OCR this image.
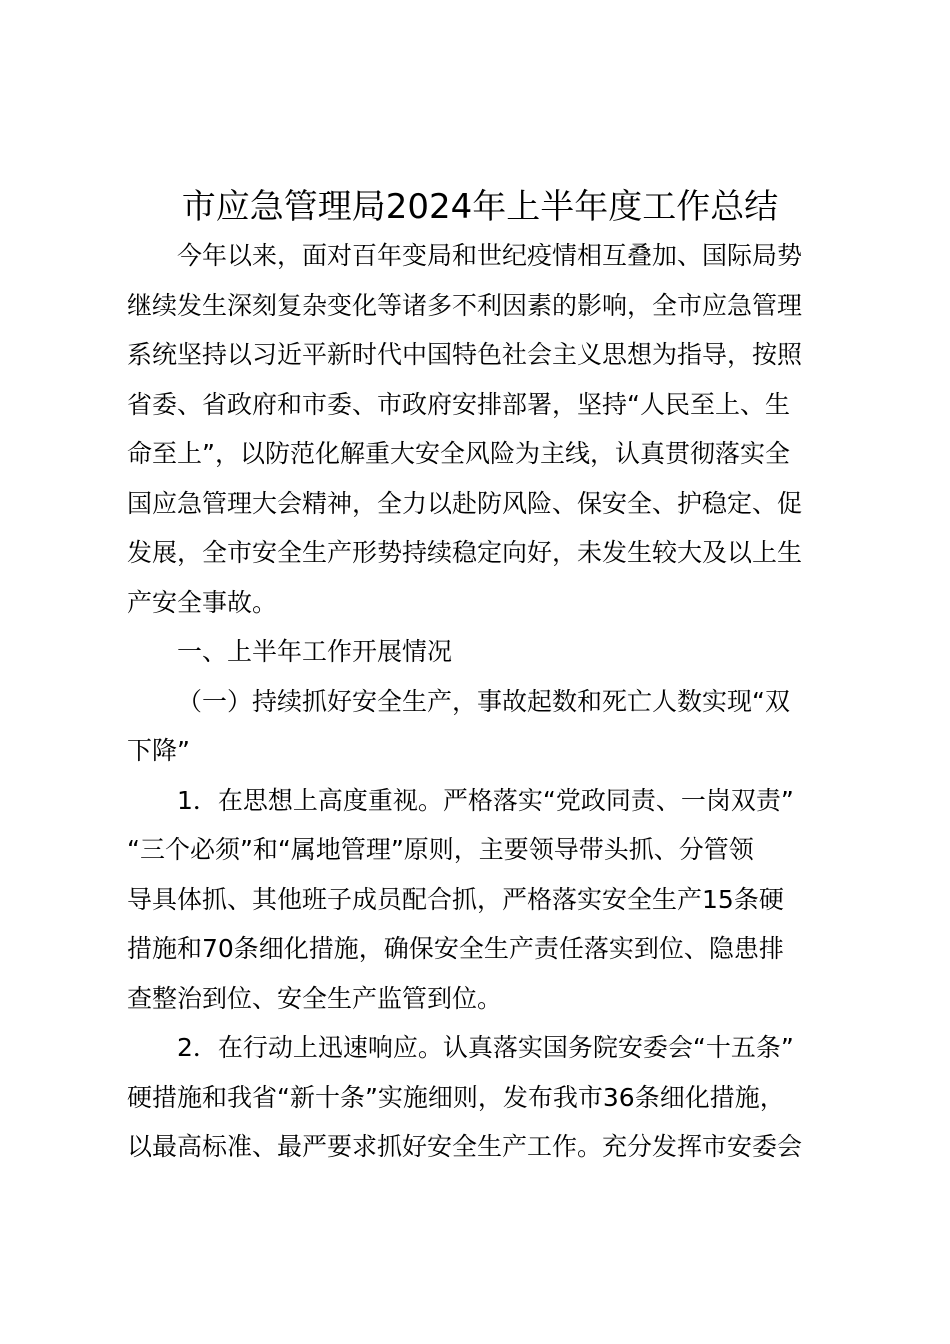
市应急管理局2024年上半年度工作总结
今年以来，面对百年变局和世纪疫情相互叠加、国际局势
继续发生深刻复杂变化等诸多不利因素的影响，全市应急管理
系统坚持以习近平新时代中国特色社会主义思想为指导，按照
省委、省政府和市委、市政府安排部署，坚持“人民至上、生
命至上”，以防范化解重大安全风险为主线，认真贯彻落实全
国应急管理大会精神，全力以赴防风险、保安全、护稳定、促
发展，全市安全生产形势持续稳定向好，未发生较大及以上生
产安全事故。
一、上半年工作开展情况
（一）持续抓好安全生产，事故起数和死亡人数实现“双
下降”
1．在思想上高度重视。严格落实“党政同责、一岗双责”
“三个必须”和“属地管理”原则，主要领导带头抓、分管领
导具体抓、其他班子成员配合抓，严格落实安全生产15条硬
措施和70条细化措施，确保安全生产责任落实到位、隐患排
查整治到位、安全生产监管到位。
2．在行动上迅速响应。认真落实国务院安委会“十五条”
硬措施和我省“新十条”实施细则，发布我市36条细化措施，
以最高标准、最严要求抓好安全生产工作。充分发挥市安委会
